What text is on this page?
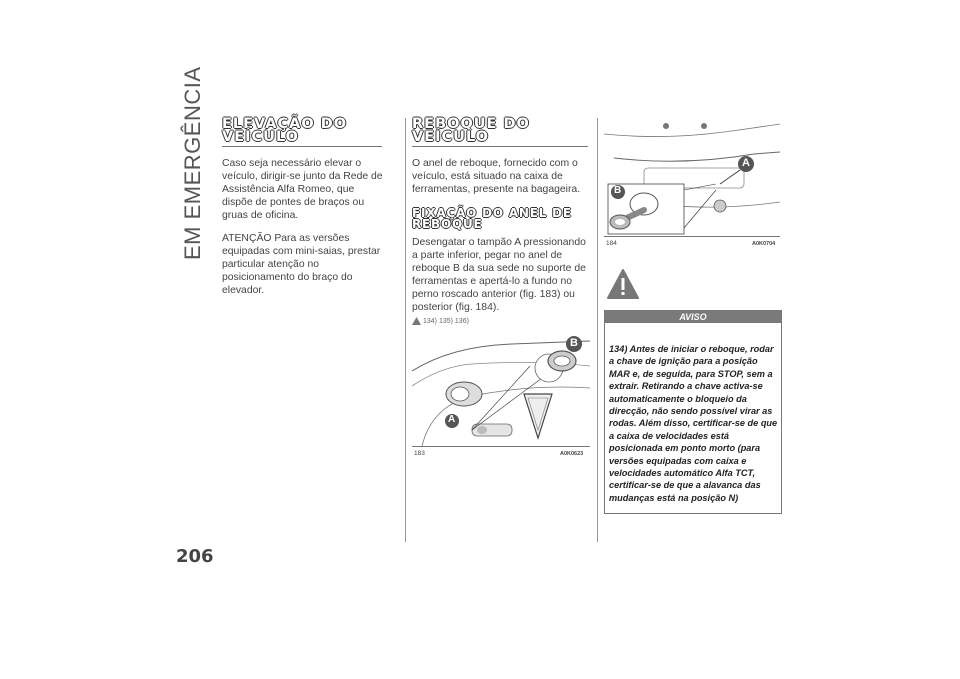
EM EMERGÊNCIA
206
ELEVAÇÃO DO VEÍCULO

Caso seja necessário elevar o veículo, dirigir-se junto da Rede de Assistência Alfa Romeo, que dispõe de pontes de braços ou gruas de oficina.

ATENÇÃO Para as versões equipadas com mini-saias, prestar particular atenção no posicionamento do braço do elevador.

REBOQUE DO VEÍCULO

O anel de reboque, fornecido com o veículo, está situado na caixa de ferramentas, presente na bagageira.

FIXAÇÃO DO ANEL DE REBOQUE

Desengatar o tampão A pressionando a parte inferior, pegar no anel de reboque B da sua sede no suporte de ferramentas e apertá-lo a fundo no perno roscado anterior (fig. 183) ou posterior (fig. 184).

134) 135) 136)
B
A
183	A0K0623
A
B
184	A0K0704
AVISO
134) Antes de iniciar o reboque, rodar a chave de ignição para a posição MAR e, de seguida, para STOP, sem a extrair. Retirando a chave activa-se automaticamente o bloqueio da direcção, não sendo possível virar as rodas. Além disso, certificar-se de que a caixa de velocidades está posicionada em ponto morto (para versões equipadas com caixa e velocidades automático Alfa TCT, certificar-se de que a alavanca das mudanças está na posição N)
